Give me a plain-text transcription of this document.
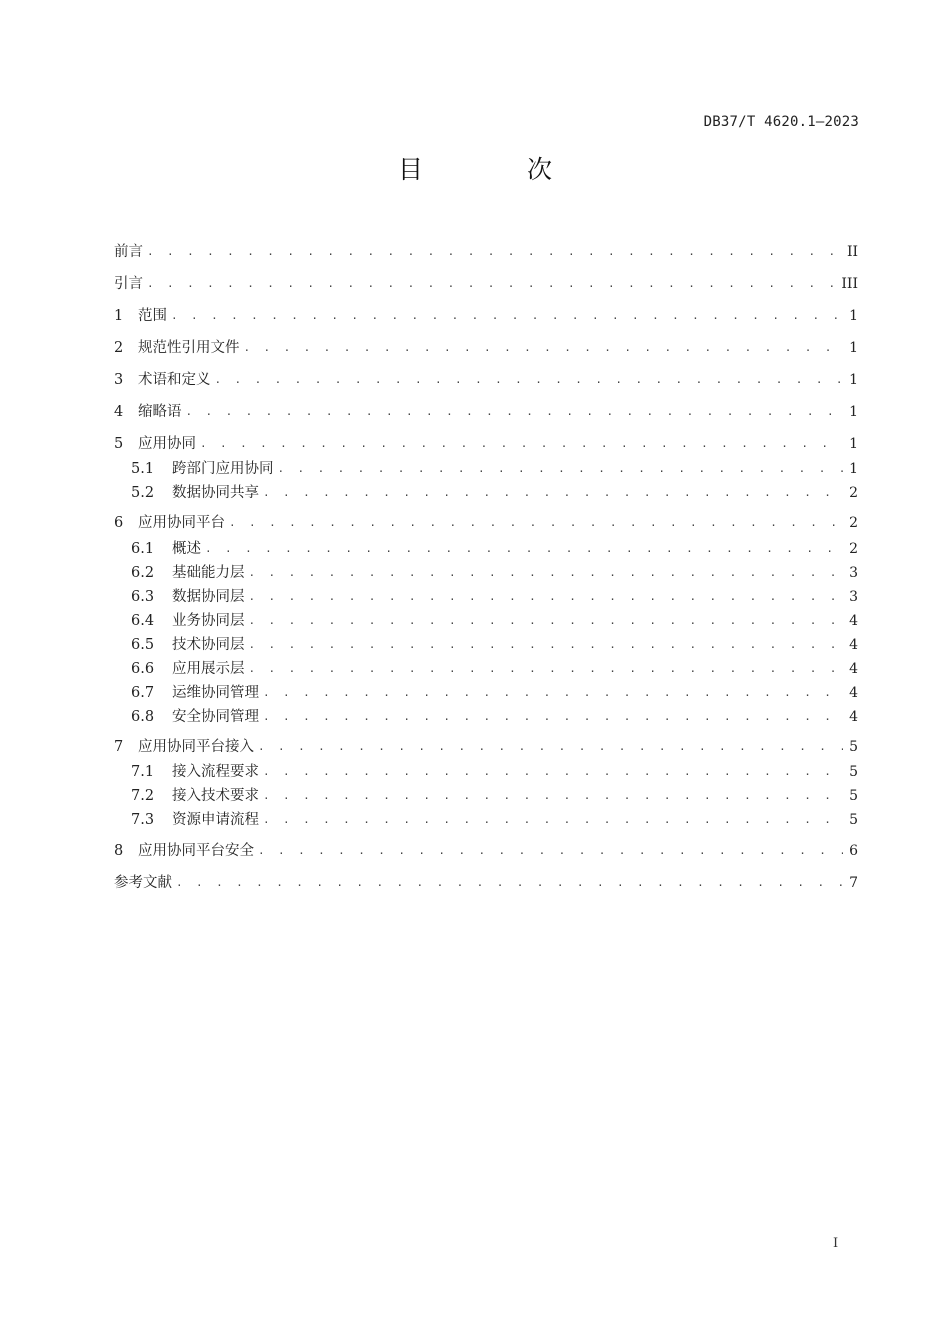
DB37/T 4620.1—2023
目 次
前言 . . .	II
引言 . . .	III
1	范围 . . .	1
2	规范性引用文件 . . .	1
3	术语和定义 . . .	1
4	缩略语 . . .	1
5	应用协同 . . .	1
5.1	跨部门应用协同 . . .	1
5.2	数据协同共享 . . .	2
6	应用协同平台 . . .	2
6.1	概述 . . .	2
6.2	基础能力层 . . .	3
6.3	数据协同层 . . .	3
6.4	业务协同层 . . .	4
6.5	技术协同层 . . .	4
6.6	应用展示层 . . .	4
6.7	运维协同管理 . . .	4
6.8	安全协同管理 . . .	4
7	应用协同平台接入 . . .	5
7.1	接入流程要求 . . .	5
7.2	接入技术要求 . . .	5
7.3	资源申请流程 . . .	5
8	应用协同平台安全 . . .	6
参考文献 . . .	7
I
